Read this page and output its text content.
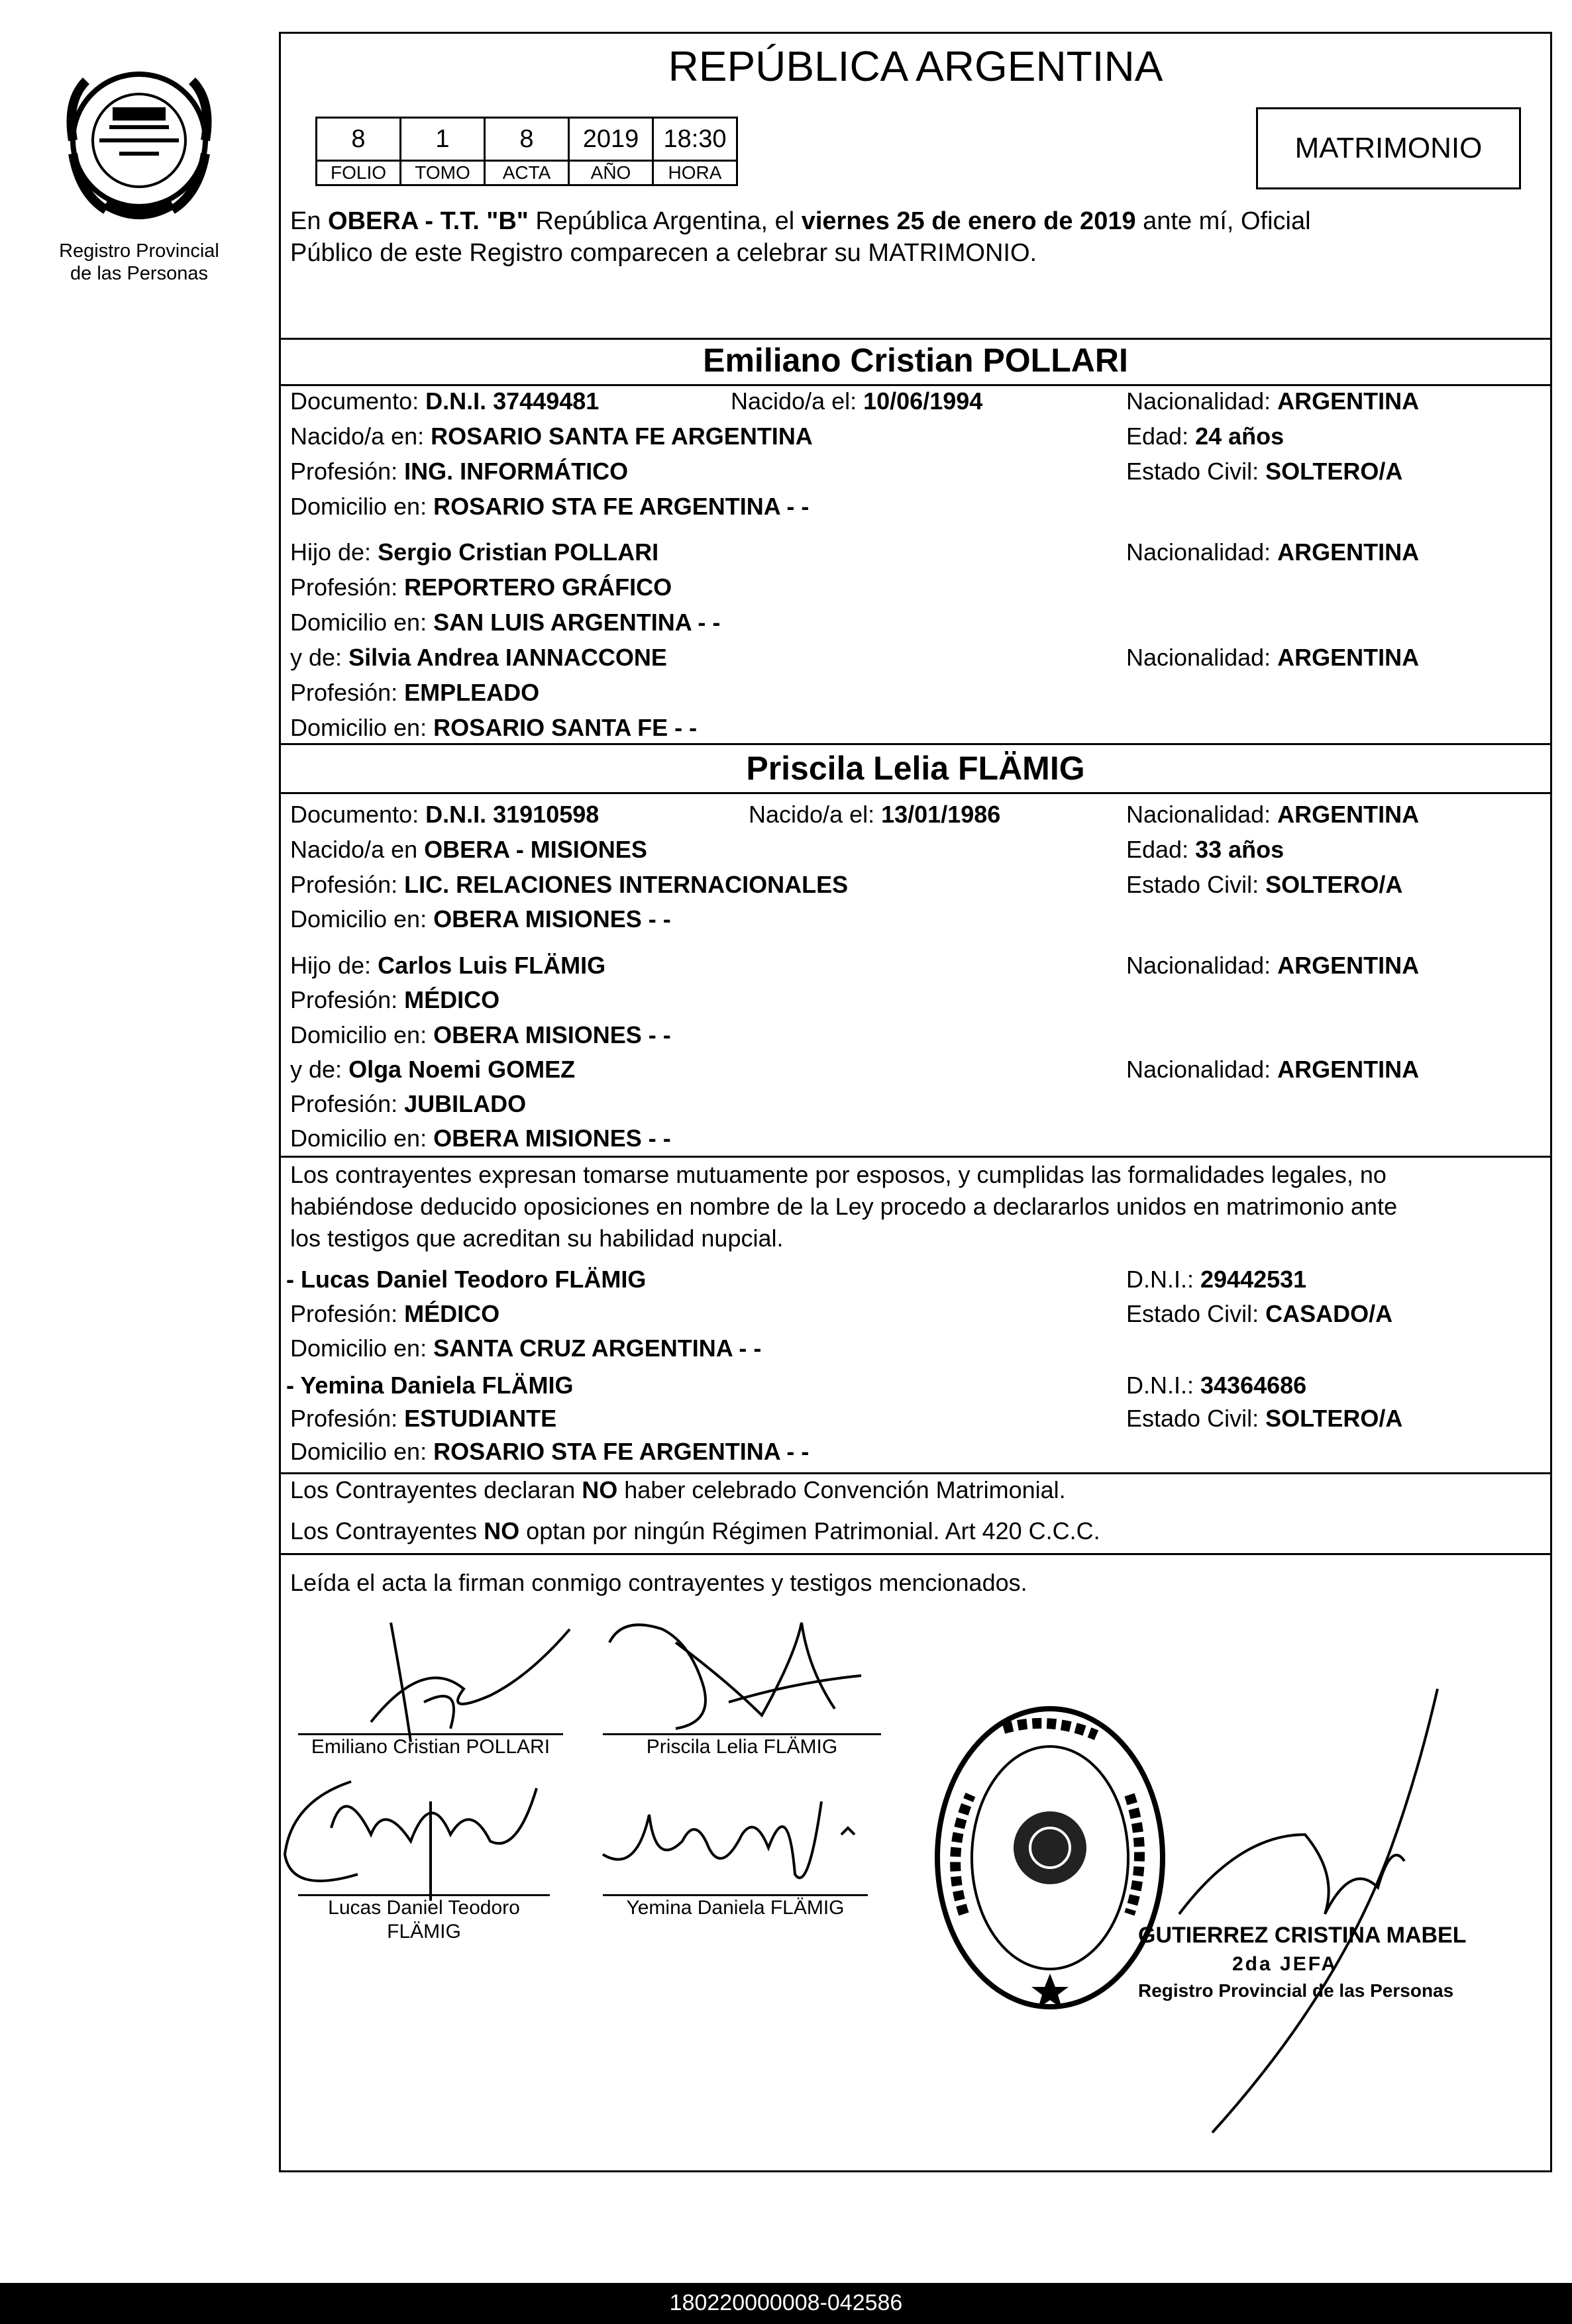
Registro Provincial
de las Personas
REPÚBLICA ARGENTINA
8	1	8	2019	18:30
FOLIO	TOMO	ACTA	AÑO	HORA
MATRIMONIO
En OBERA - T.T. "B" República Argentina, el viernes 25 de enero de 2019 ante mí, Oficial
Público de este Registro comparecen a celebrar su MATRIMONIO.
Emiliano Cristian POLLARI
Documento: D.N.I. 37449481	Nacido/a el: 10/06/1994	Nacionalidad: ARGENTINA
Nacido/a en: ROSARIO SANTA FE ARGENTINA	Edad: 24 años
Profesión: ING. INFORMÁTICO	Estado Civil: SOLTERO/A
Domicilio en: ROSARIO STA FE ARGENTINA - -
Hijo de: Sergio Cristian POLLARI	Nacionalidad: ARGENTINA
Profesión: REPORTERO GRÁFICO
Domicilio en: SAN LUIS ARGENTINA - -
y de: Silvia Andrea IANNACCONE	Nacionalidad: ARGENTINA
Profesión: EMPLEADO
Domicilio en: ROSARIO SANTA FE - -
Priscila Lelia FLÄMIG
Documento: D.N.I. 31910598	Nacido/a el: 13/01/1986	Nacionalidad: ARGENTINA
Nacido/a en OBERA - MISIONES	Edad: 33 años
Profesión: LIC. RELACIONES INTERNACIONALES	Estado Civil: SOLTERO/A
Domicilio en: OBERA MISIONES - -
Hijo de: Carlos Luis FLÄMIG	Nacionalidad: ARGENTINA
Profesión: MÉDICO
Domicilio en: OBERA MISIONES - -
y de: Olga Noemi GOMEZ	Nacionalidad: ARGENTINA
Profesión: JUBILADO
Domicilio en: OBERA MISIONES - -
Los contrayentes expresan tomarse mutuamente por esposos, y cumplidas las formalidades legales, no
habiéndose deducido oposiciones en nombre de la Ley procedo a declararlos unidos en matrimonio ante
los testigos que acreditan su habilidad nupcial.
- Lucas Daniel Teodoro FLÄMIG	D.N.I.: 29442531
Profesión: MÉDICO	Estado Civil: CASADO/A
Domicilio en: SANTA CRUZ ARGENTINA - -
- Yemina Daniela FLÄMIG	D.N.I.: 34364686
Profesión: ESTUDIANTE	Estado Civil: SOLTERO/A
Domicilio en: ROSARIO STA FE ARGENTINA - -
Los Contrayentes declaran NO haber celebrado Convención Matrimonial.
Los Contrayentes NO optan por ningún Régimen Patrimonial. Art 420 C.C.C.
Leída el acta la firman conmigo contrayentes y testigos mencionados.
Emiliano Cristian POLLARI	Priscila Lelia FLÄMIG
Lucas Daniel Teodoro
FLÄMIG
Yemina Daniela FLÄMIG
GUTIERREZ CRISTINA MABEL
2da JEFA
Registro Provincial de las Personas
180220000008-042586
